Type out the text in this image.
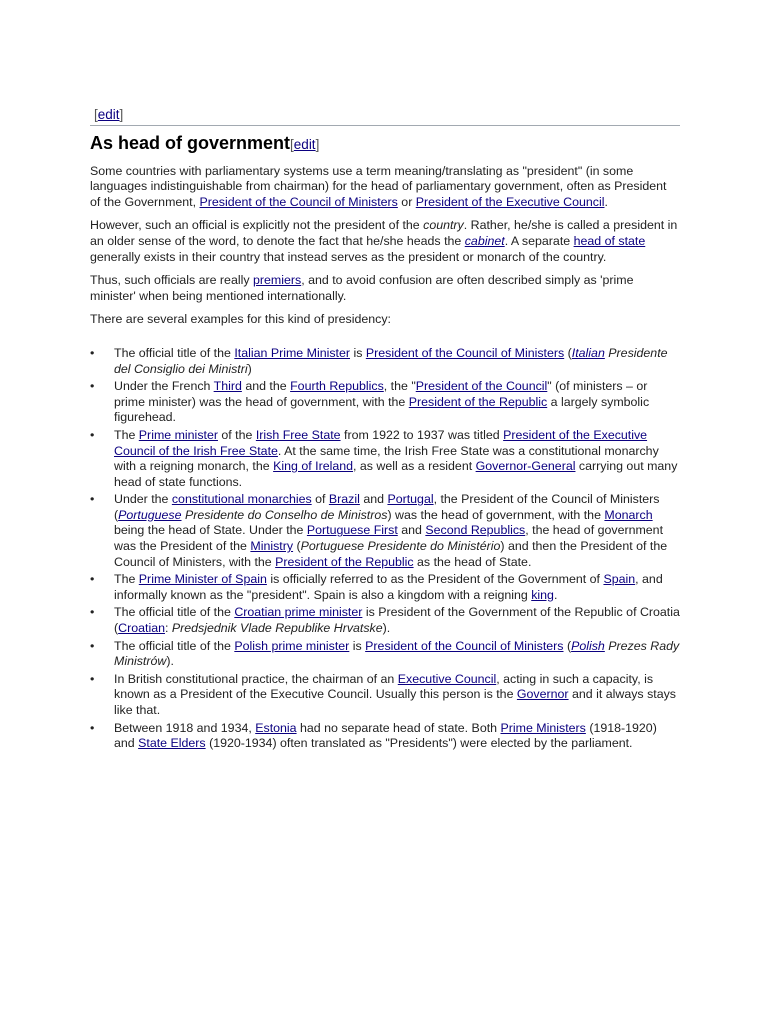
[edit]
As head of government[edit]

Some countries with parliamentary systems use a term meaning/translating as "president" (in some languages indistinguishable from chairman) for the head of parliamentary government, often as President of the Government, President of the Council of Ministers or President of the Executive Council.

However, such an official is explicitly not the president of the country. Rather, he/she is called a president in an older sense of the word, to denote the fact that he/she heads the cabinet. A separate head of state generally exists in their country that instead serves as the president or monarch of the country.

Thus, such officials are really premiers, and to avoid confusion are often described simply as 'prime minister' when being mentioned internationally.

There are several examples for this kind of presidency:

• The official title of the Italian Prime Minister is President of the Council of Ministers (Italian Presidente del Consiglio dei Ministri)
• Under the French Third and the Fourth Republics, the "President of the Council" (of ministers – or prime minister) was the head of government, with the President of the Republic a largely symbolic figurehead.
• The Prime minister of the Irish Free State from 1922 to 1937 was titled President of the Executive Council of the Irish Free State. At the same time, the Irish Free State was a constitutional monarchy with a reigning monarch, the King of Ireland, as well as a resident Governor-General carrying out many head of state functions.
• Under the constitutional monarchies of Brazil and Portugal, the President of the Council of Ministers (Portuguese Presidente do Conselho de Ministros) was the head of government, with the Monarch being the head of State. Under the Portuguese First and Second Republics, the head of government was the President of the Ministry (Portuguese Presidente do Ministério) and then the President of the Council of Ministers, with the President of the Republic as the head of State.
• The Prime Minister of Spain is officially referred to as the President of the Government of Spain, and informally known as the "president". Spain is also a kingdom with a reigning king.
• The official title of the Croatian prime minister is President of the Government of the Republic of Croatia (Croatian: Predsjednik Vlade Republike Hrvatske).
• The official title of the Polish prime minister is President of the Council of Ministers (Polish Prezes Rady Ministrów).
• In British constitutional practice, the chairman of an Executive Council, acting in such a capacity, is known as a President of the Executive Council. Usually this person is the Governor and it always stays like that.
• Between 1918 and 1934, Estonia had no separate head of state. Both Prime Ministers (1918-1920) and State Elders (1920-1934) often translated as "Presidents") were elected by the parliament.
